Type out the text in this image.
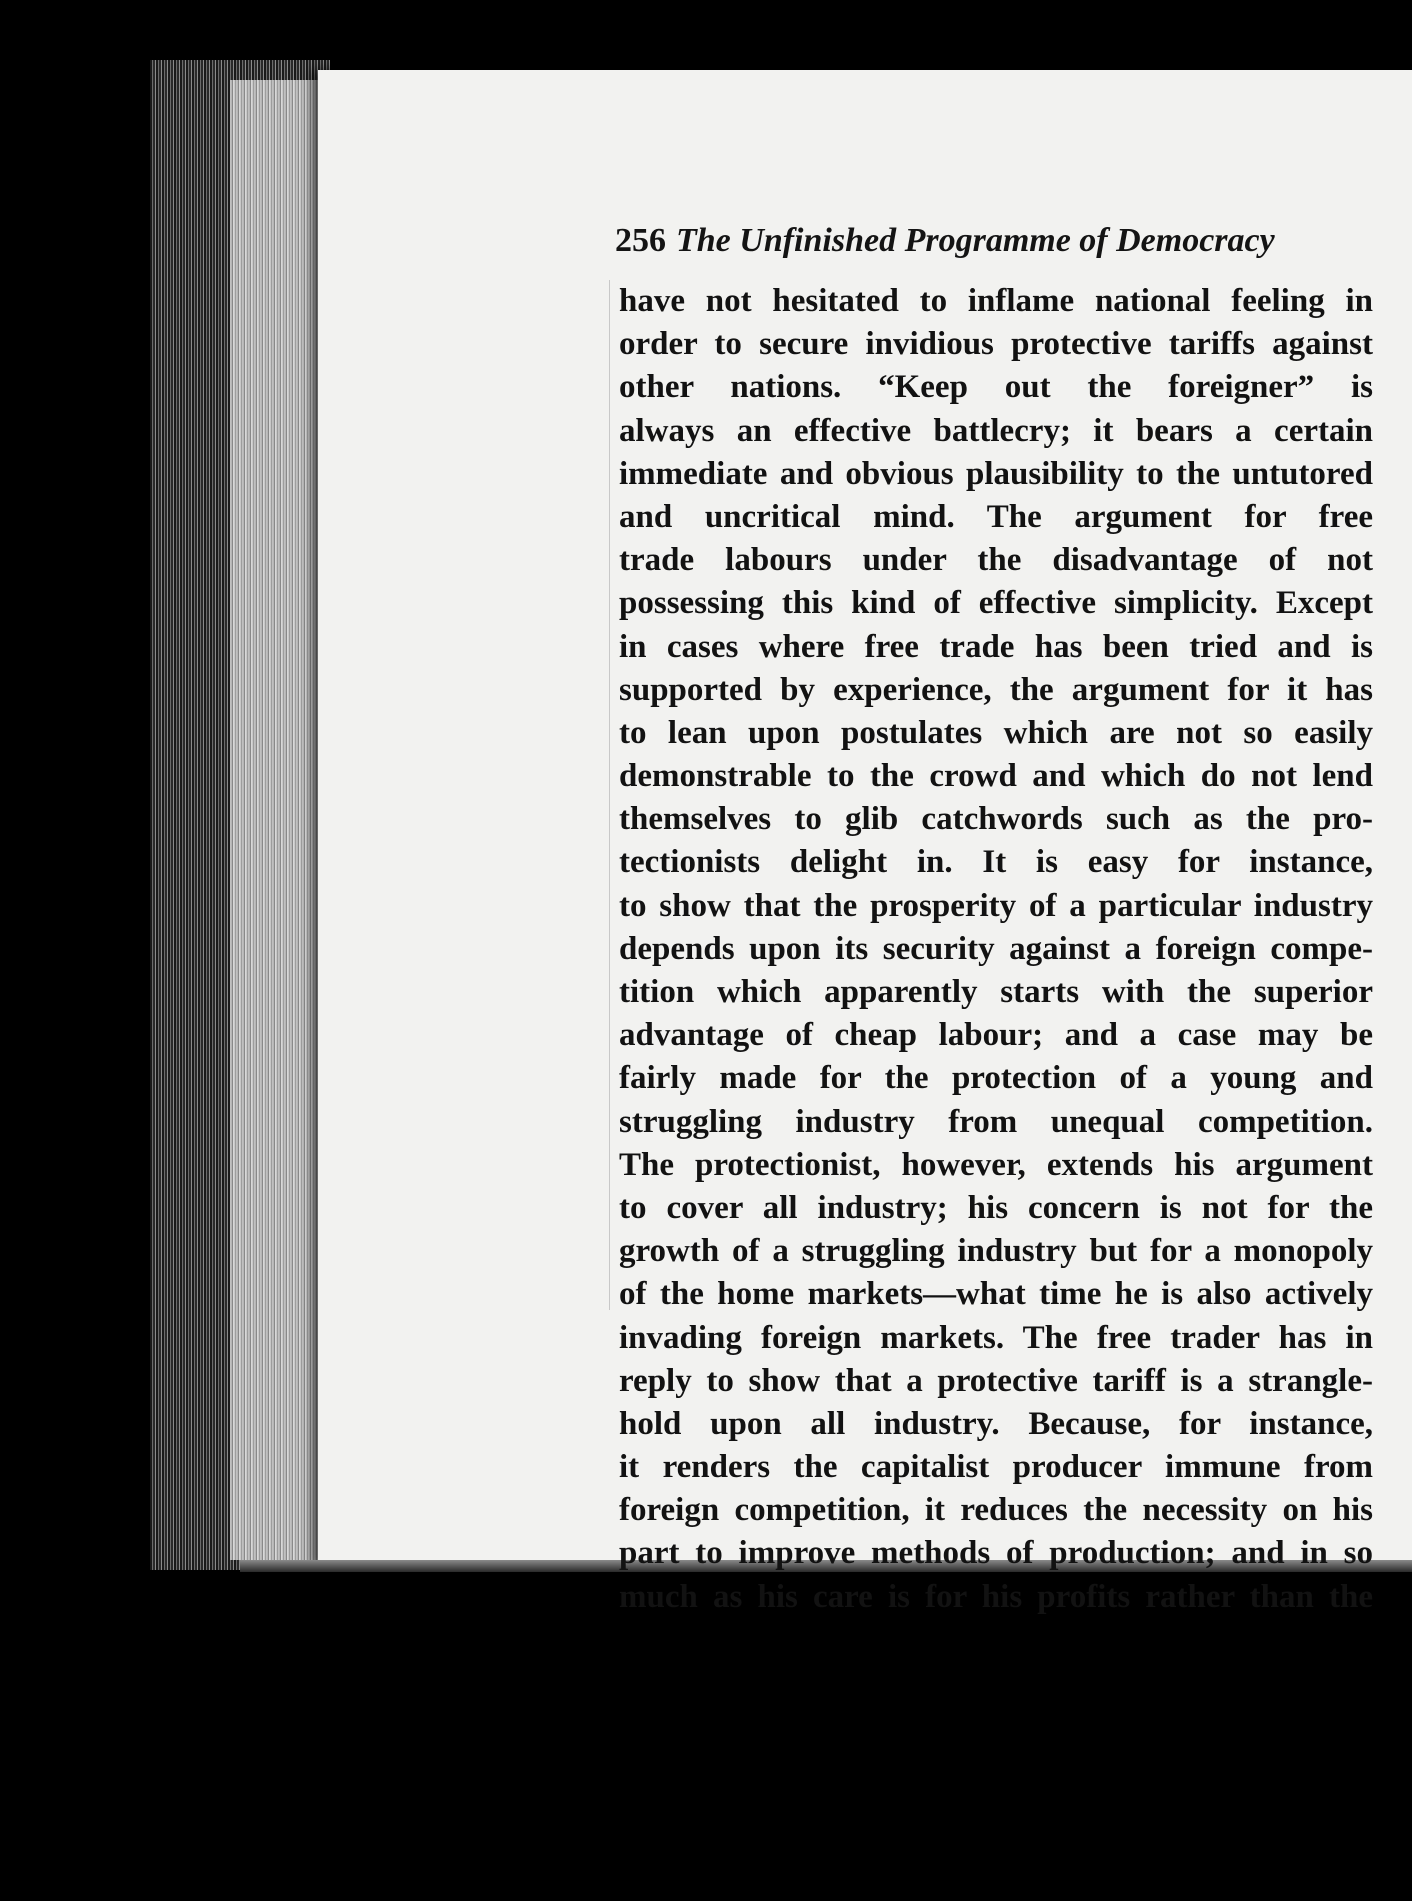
256 The Unfinished Programme of Democracy
have not hesitated to inflame national feeling in
order to secure invidious protective tariffs against
other nations. “Keep out the foreigner” is
always an effective battlecry; it bears a certain
immediate and obvious plausibility to the untutored
and uncritical mind. The argument for free
trade labours under the disadvantage of not
possessing this kind of effective simplicity. Except
in cases where free trade has been tried and is
supported by experience, the argument for it has
to lean upon postulates which are not so easily
demonstrable to the crowd and which do not lend
themselves to glib catchwords such as the pro-
tectionists delight in. It is easy for instance,
to show that the prosperity of a particular industry
depends upon its security against a foreign compe-
tition which apparently starts with the superior
advantage of cheap labour; and a case may be
fairly made for the protection of a young and
struggling industry from unequal competition.
The protectionist, however, extends his argument
to cover all industry; his concern is not for the
growth of a struggling industry but for a monopoly
of the home markets—what time he is also actively
invading foreign markets. The free trader has in
reply to show that a protective tariff is a strangle-
hold upon all industry. Because, for instance,
it renders the capitalist producer immune from
foreign competition, it reduces the necessity on his
part to improve methods of production; and in so
much as his care is for his profits rather than the
